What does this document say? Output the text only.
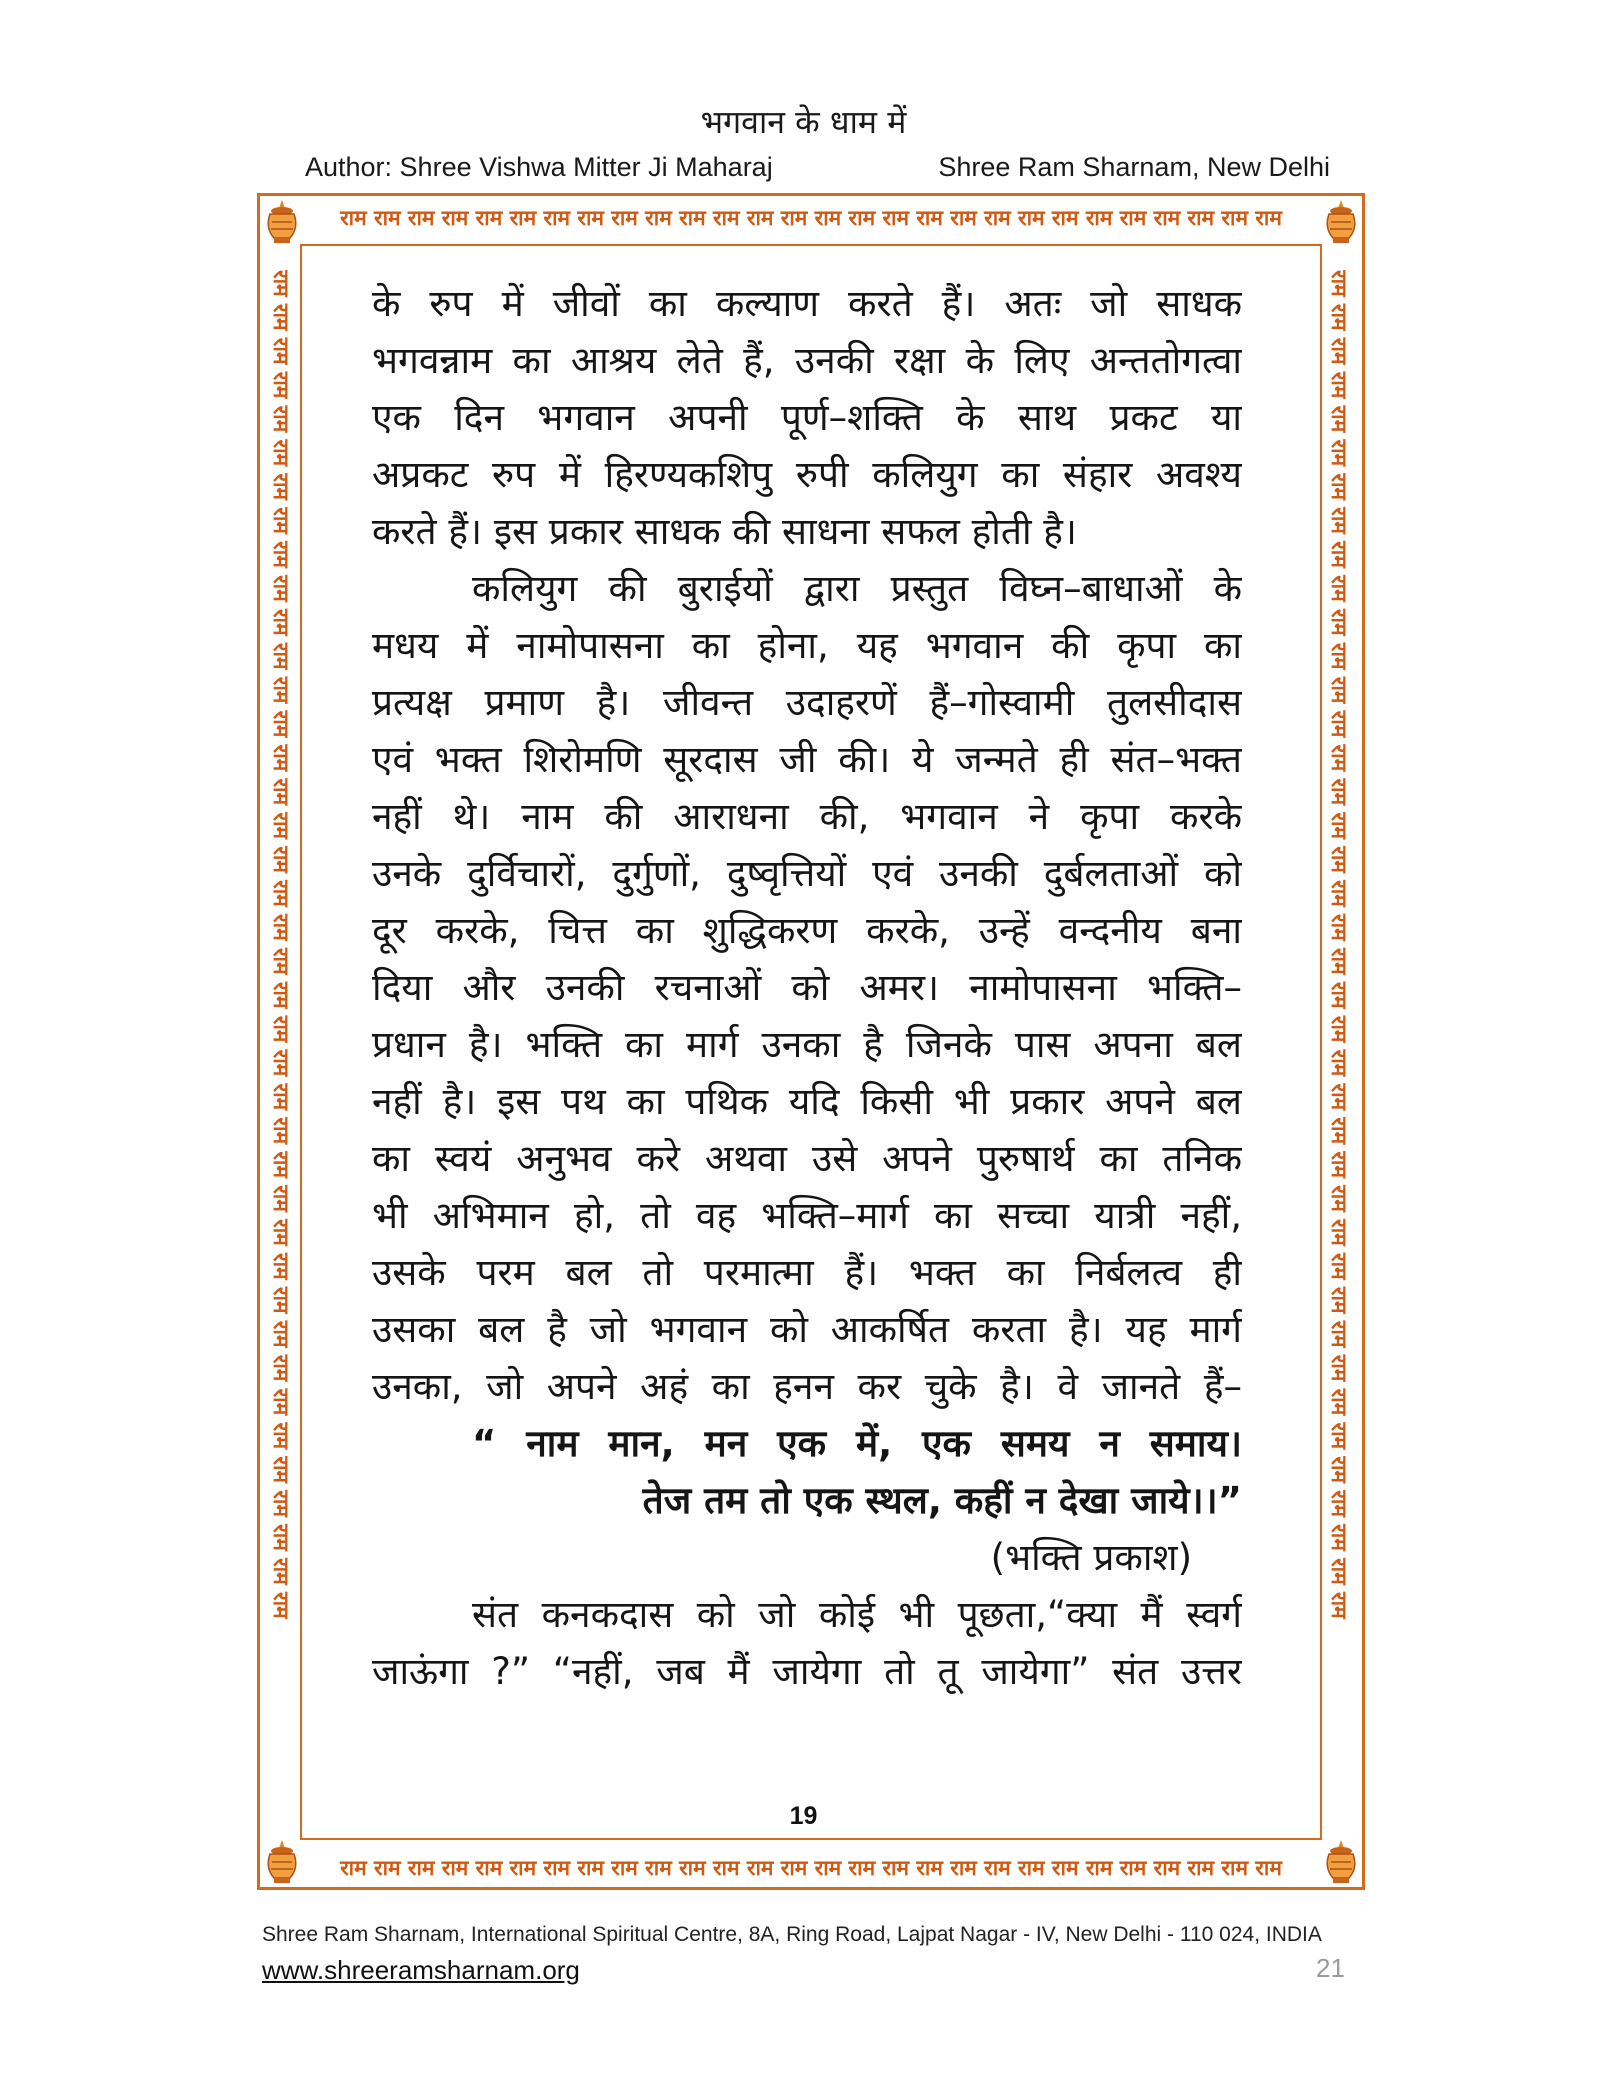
भगवान के धाम में
Author: Shree Vishwa Mitter Ji Maharaj	Shree Ram Sharnam, New Delhi
राम राम राम राम राम राम राम राम राम राम राम राम राम राम राम राम राम राम राम राम राम राम राम राम राम राम राम राम
राम राम राम राम राम राम राम राम राम राम राम राम राम राम राम राम राम राम राम राम राम राम राम राम राम राम राम राम
राम राम राम राम राम राम राम राम राम राम राम राम राम राम राम राम राम राम राम राम राम राम राम राम राम राम राम राम राम राम राम राम राम राम राम राम राम राम राम राम	राम राम राम राम राम राम राम राम राम राम राम राम राम राम राम राम राम राम राम राम राम राम राम राम राम राम राम राम राम राम राम राम राम राम राम राम राम राम राम राम
के रुप में जीवों का कल्याण करते हैं। अतः जो साधक
भगवन्नाम का आश्रय लेते हैं, उनकी रक्षा के लिए अन्ततोगत्वा
एक दिन भगवान अपनी पूर्ण–शक्ति के साथ प्रकट या
अप्रकट रुप में हिरण्यकशिपु रुपी कलियुग का संहार अवश्य
करते हैं। इस प्रकार साधक की साधना सफल होती है।
कलियुग की बुराईयों द्वारा प्रस्तुत विघ्न–बाधाओं के
मधय में नामोपासना का होना, यह भगवान की कृपा का
प्रत्यक्ष प्रमाण है। जीवन्त उदाहरणें हैं–गोस्वामी तुलसीदास
एवं भक्त शिरोमणि सूरदास जी की। ये जन्मते ही संत–भक्त
नहीं थे। नाम की आराधना की, भगवान ने कृपा करके
उनके दुर्विचारों, दुर्गुणों, दुष्वृत्तियों एवं उनकी दुर्बलताओं को
दूर करके, चित्त का शुद्धिकरण करके, उन्हें वन्दनीय बना
दिया और उनकी रचनाओं को अमर। नामोपासना भक्ति–
प्रधान है। भक्ति का मार्ग उनका है जिनके पास अपना बल
नहीं है। इस पथ का पथिक यदि किसी भी प्रकार अपने बल
का स्वयं अनुभव करे अथवा उसे अपने पुरुषार्थ का तनिक
भी अभिमान हो, तो वह भक्ति–मार्ग का सच्चा यात्री नहीं,
उसके परम बल तो परमात्मा हैं। भक्त का निर्बलत्व ही
उसका बल है जो भगवान को आकर्षित करता है। यह मार्ग
उनका, जो अपने अहं का हनन कर चुके है। वे जानते हैं–
“ नाम मान, मन एक में, एक समय न समाय।
तेज तम तो एक स्थल, कहीं न देखा जाये।।”
(भक्ति प्रकाश)
संत कनकदास को जो कोई भी पूछता,“क्या मैं स्वर्ग
जाऊंगा ?” “नहीं, जब मैं जायेगा तो तू जायेगा” संत उत्तर
19
Shree Ram Sharnam, International Spiritual Centre, 8A, Ring Road, Lajpat Nagar - IV, New Delhi - 110 024, INDIA
www.shreeramsharnam.org	21
